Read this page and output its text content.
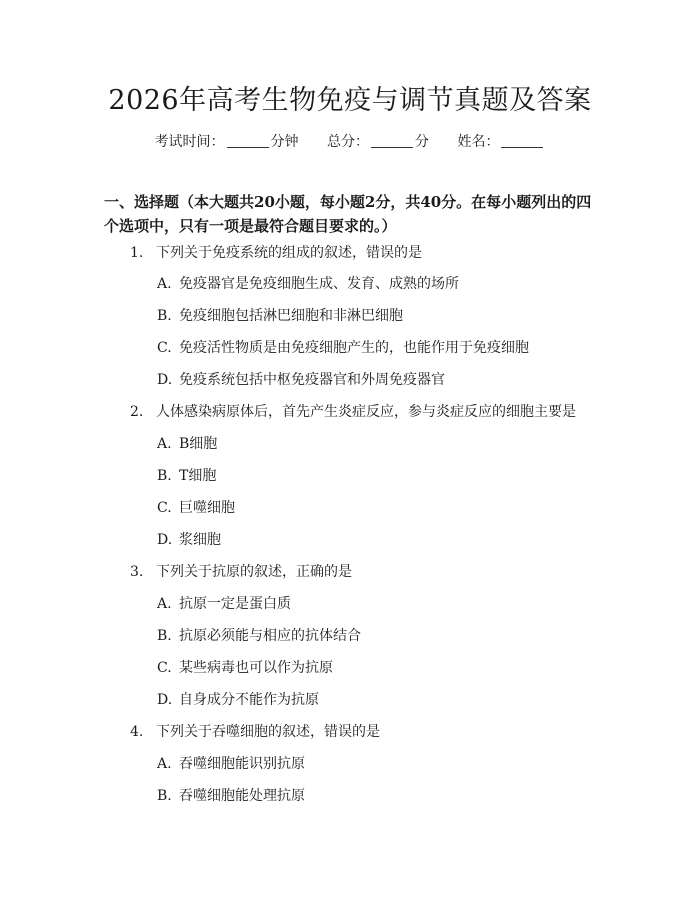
2026年高考生物免疫与调节真题及答案
考试时间：	分钟 总分：	分 姓名：
一、选择题（本大题共20小题，每小题2分，共40分。在每小题列出的四个选项中，只有一项是最符合题目要求的。）
1. 下列关于免疫系统的组成的叙述，错误的是
A. 免疫器官是免疫细胞生成、发育、成熟的场所
B. 免疫细胞包括淋巴细胞和非淋巴细胞
C. 免疫活性物质是由免疫细胞产生的，也能作用于免疫细胞
D. 免疫系统包括中枢免疫器官和外周免疫器官
2. 人体感染病原体后，首先产生炎症反应，参与炎症反应的细胞主要是
A. B细胞
B. T细胞
C. 巨噬细胞
D. 浆细胞
3. 下列关于抗原的叙述，正确的是
A. 抗原一定是蛋白质
B. 抗原必须能与相应的抗体结合
C. 某些病毒也可以作为抗原
D. 自身成分不能作为抗原
4. 下列关于吞噬细胞的叙述，错误的是
A. 吞噬细胞能识别抗原
B. 吞噬细胞能处理抗原
